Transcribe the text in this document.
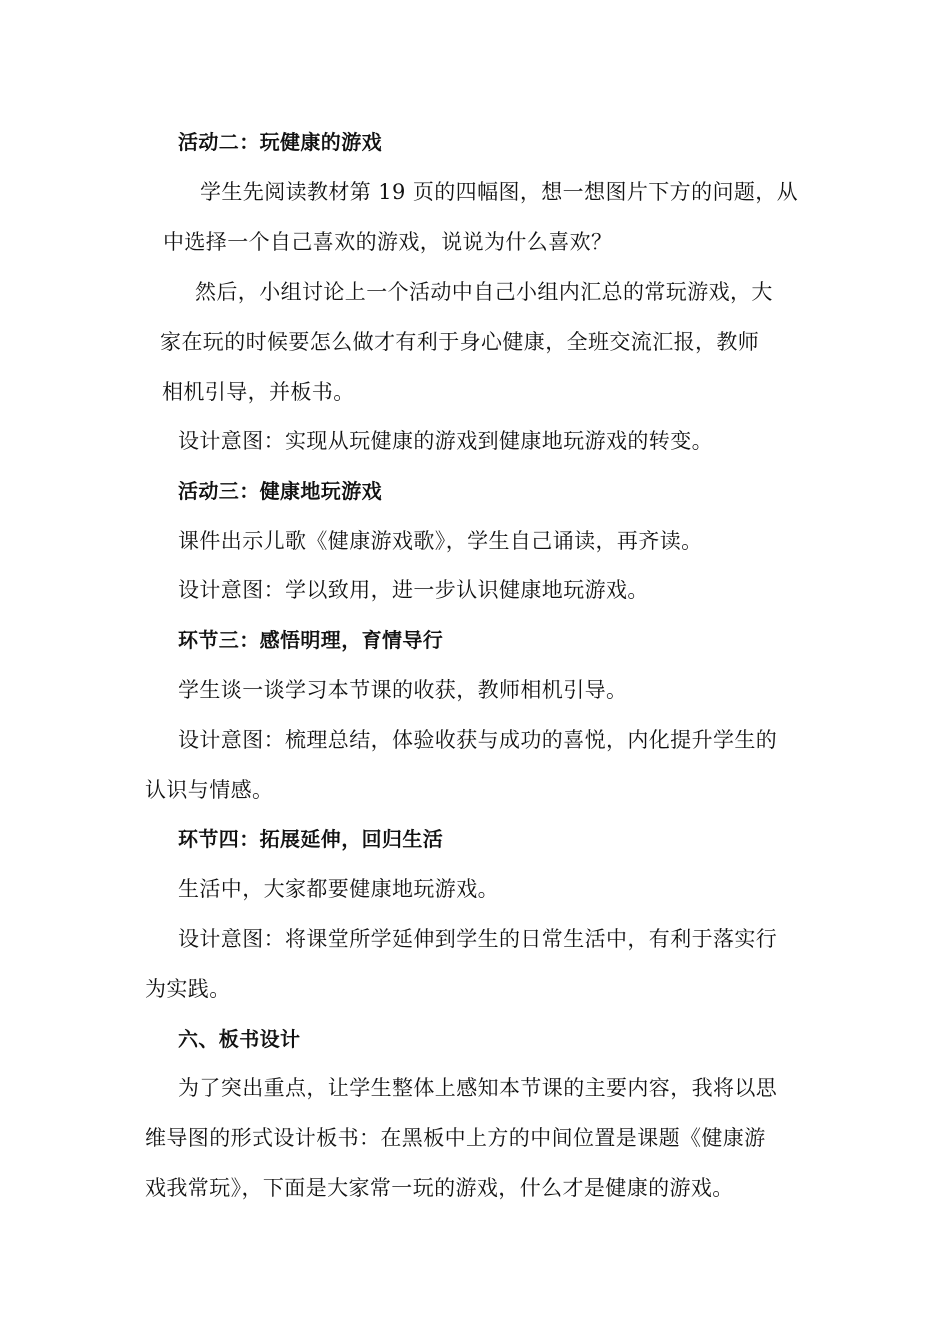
活动二：玩健康的游戏
学生先阅读教材第 19 页的四幅图，想一想图片下方的问题，从
中选择一个自己喜欢的游戏，说说为什么喜欢？
然后，小组讨论上一个活动中自己小组内汇总的常玩游戏，大
家在玩的时候要怎么做才有利于身心健康，全班交流汇报，教师
相机引导，并板书。
设计意图：实现从玩健康的游戏到健康地玩游戏的转变。
活动三：健康地玩游戏
课件出示儿歌《健康游戏歌》，学生自己诵读，再齐读。
设计意图：学以致用，进一步认识健康地玩游戏。
环节三：感悟明理，育情导行
学生谈一谈学习本节课的收获，教师相机引导。
设计意图：梳理总结，体验收获与成功的喜悦，内化提升学生的
认识与情感。
环节四：拓展延伸，回归生活
生活中，大家都要健康地玩游戏。
设计意图：将课堂所学延伸到学生的日常生活中，有利于落实行
为实践。
六、板书设计
为了突出重点，让学生整体上感知本节课的主要内容，我将以思
维导图的形式设计板书：在黑板中上方的中间位置是课题《健康游
戏我常玩》，下面是大家常一玩的游戏，什么才是健康的游戏。
